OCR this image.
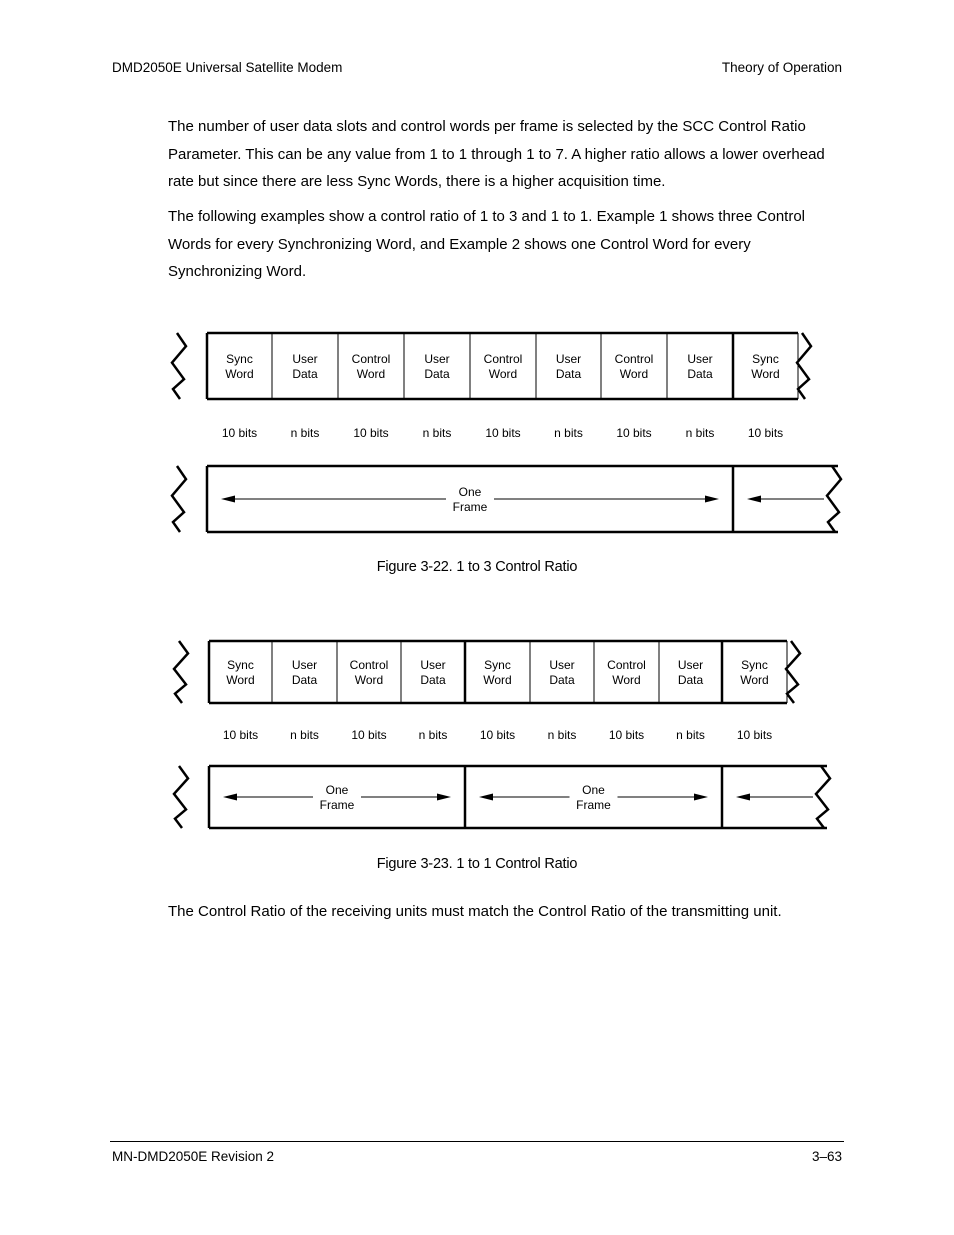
DMD2050E Universal Satellite Modem	Theory of Operation

The number of user data slots and control words per frame is selected by the SCC Control Ratio Parameter. This can be any value from 1 to 1 through 1 to 7. A higher ratio allows a lower overhead rate but since there are less Sync Words, there is a higher acquisition time.

The following examples show a control ratio of 1 to 3 and 1 to 1. Example 1 shows three Control Words for every Synchronizing Word, and Example 2 shows one Control Word for every Synchronizing Word.

Sync
Word
10 bits
User
Data
n bits
Control
Word
10 bits
User
Data
n bits
Control
Word
10 bits
User
Data
n bits
Control
Word
10 bits
User
Data
n bits
Sync
Word
10 bits
One
Frame
Figure 3-22. 1 to 3 Control Ratio
Sync
Word
10 bits
User
Data
n bits
Control
Word
10 bits
User
Data
n bits
Sync
Word
10 bits
User
Data
n bits
Control
Word
10 bits
User
Data
n bits
Sync
Word
10 bits
One
Frame
One
Frame
Figure 3-23. 1 to 1 Control Ratio

The Control Ratio of the receiving units must match the Control Ratio of the transmitting unit.

MN-DMD2050E Revision 2	3–63
